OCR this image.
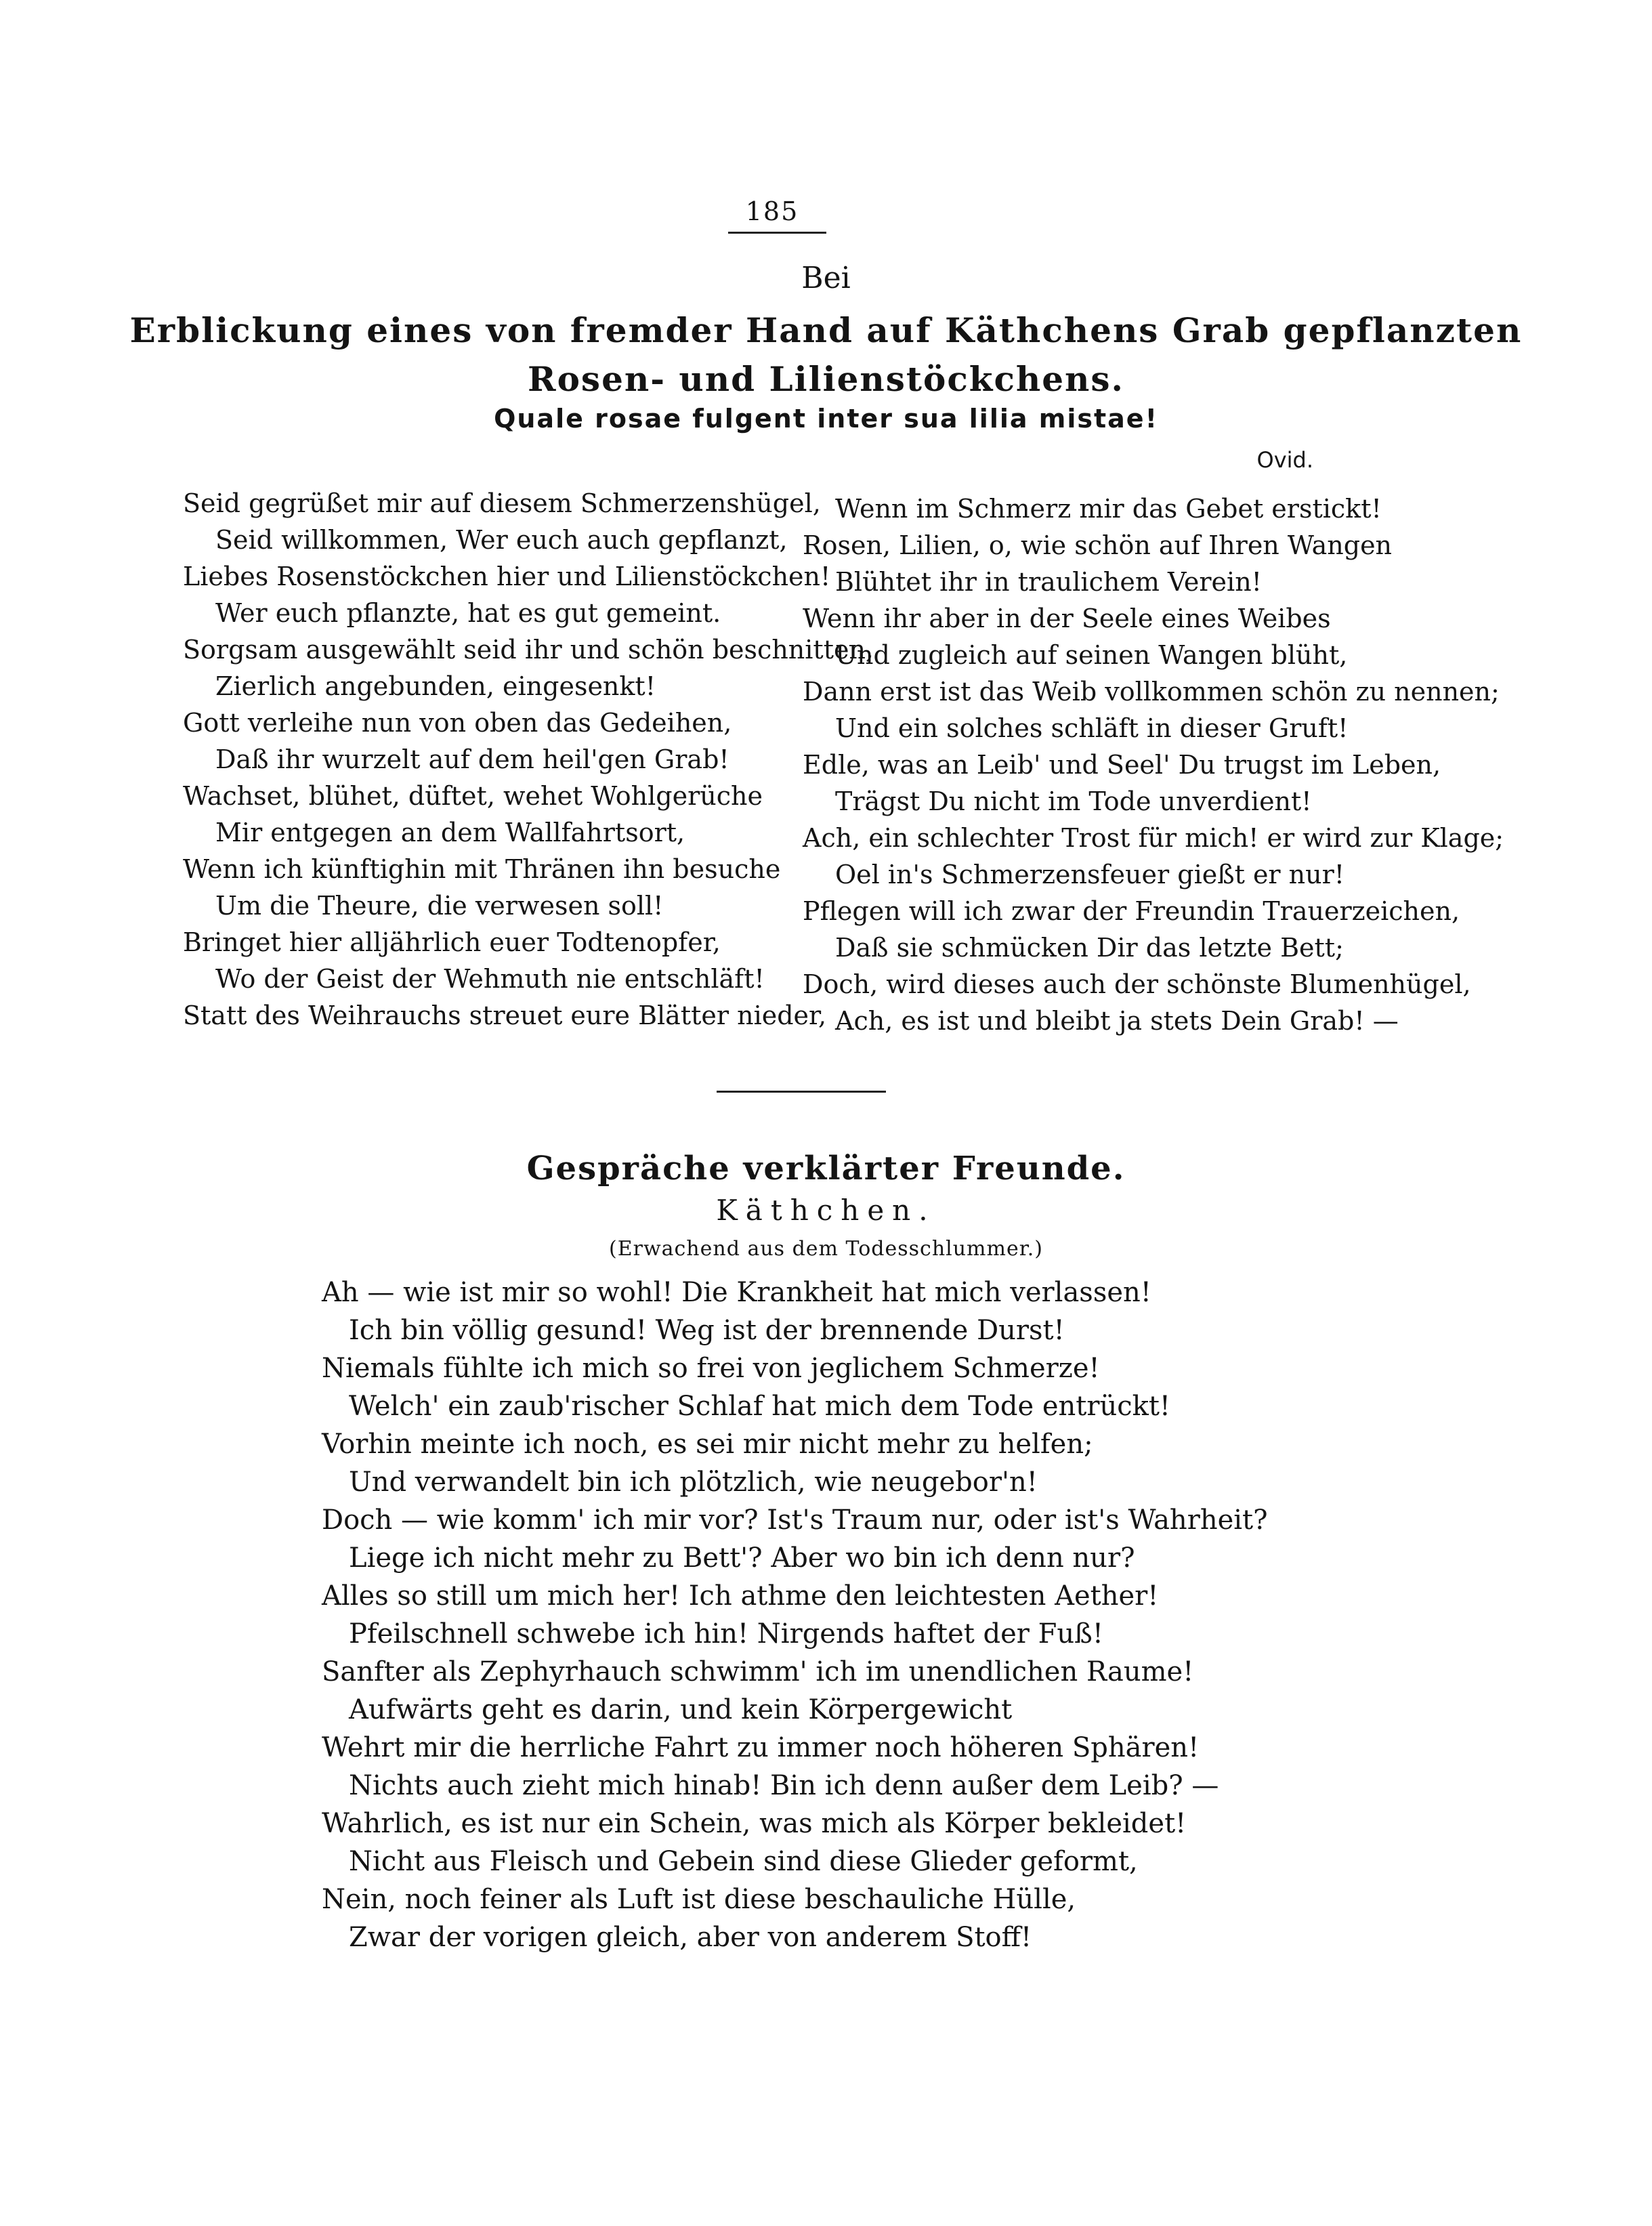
185
Bei
Erblickung eines von fremder Hand auf Käthchens Grab gepflanzten
Rosen- und Lilienstöckchens.
Quale rosae fulgent inter sua lilia mistae!
Ovid.
Seid gegrüßet mir auf diesem Schmerzenshügel,
Seid willkommen, Wer euch auch gepflanzt,
Liebes Rosenstöckchen hier und Lilienstöckchen!
Wer euch pflanzte, hat es gut gemeint.
Sorgsam ausgewählt seid ihr und schön beschnitten,
Zierlich angebunden, eingesenkt!
Gott verleihe nun von oben das Gedeihen,
Daß ihr wurzelt auf dem heil'gen Grab!
Wachset, blühet, düftet, wehet Wohlgerüche
Mir entgegen an dem Wallfahrtsort,
Wenn ich künftighin mit Thränen ihn besuche
Um die Theure, die verwesen soll!
Bringet hier alljährlich euer Todtenopfer,
Wo der Geist der Wehmuth nie entschläft!
Statt des Weihrauchs streuet eure Blätter nieder,
Wenn im Schmerz mir das Gebet erstickt!
Rosen, Lilien, o, wie schön auf Ihren Wangen
Blühtet ihr in traulichem Verein!
Wenn ihr aber in der Seele eines Weibes
Und zugleich auf seinen Wangen blüht,
Dann erst ist das Weib vollkommen schön zu nennen;
Und ein solches schläft in dieser Gruft!
Edle, was an Leib' und Seel' Du trugst im Leben,
Trägst Du nicht im Tode unverdient!
Ach, ein schlechter Trost für mich! er wird zur Klage;
Oel in's Schmerzensfeuer gießt er nur!
Pflegen will ich zwar der Freundin Trauerzeichen,
Daß sie schmücken Dir das letzte Bett;
Doch, wird dieses auch der schönste Blumenhügel,
Ach, es ist und bleibt ja stets Dein Grab! —
Gespräche verklärter Freunde.
Käthchen.
(Erwachend aus dem Todesschlummer.)
Ah — wie ist mir so wohl! Die Krankheit hat mich verlassen!
Ich bin völlig gesund! Weg ist der brennende Durst!
Niemals fühlte ich mich so frei von jeglichem Schmerze!
Welch' ein zaub'rischer Schlaf hat mich dem Tode entrückt!
Vorhin meinte ich noch, es sei mir nicht mehr zu helfen;
Und verwandelt bin ich plötzlich, wie neugebor'n!
Doch — wie komm' ich mir vor? Ist's Traum nur, oder ist's Wahrheit?
Liege ich nicht mehr zu Bett'? Aber wo bin ich denn nur?
Alles so still um mich her! Ich athme den leichtesten Aether!
Pfeilschnell schwebe ich hin! Nirgends haftet der Fuß!
Sanfter als Zephyrhauch schwimm' ich im unendlichen Raume!
Aufwärts geht es darin, und kein Körpergewicht
Wehrt mir die herrliche Fahrt zu immer noch höheren Sphären!
Nichts auch zieht mich hinab! Bin ich denn außer dem Leib? —
Wahrlich, es ist nur ein Schein, was mich als Körper bekleidet!
Nicht aus Fleisch und Gebein sind diese Glieder geformt,
Nein, noch feiner als Luft ist diese beschauliche Hülle,
Zwar der vorigen gleich, aber von anderem Stoff!
